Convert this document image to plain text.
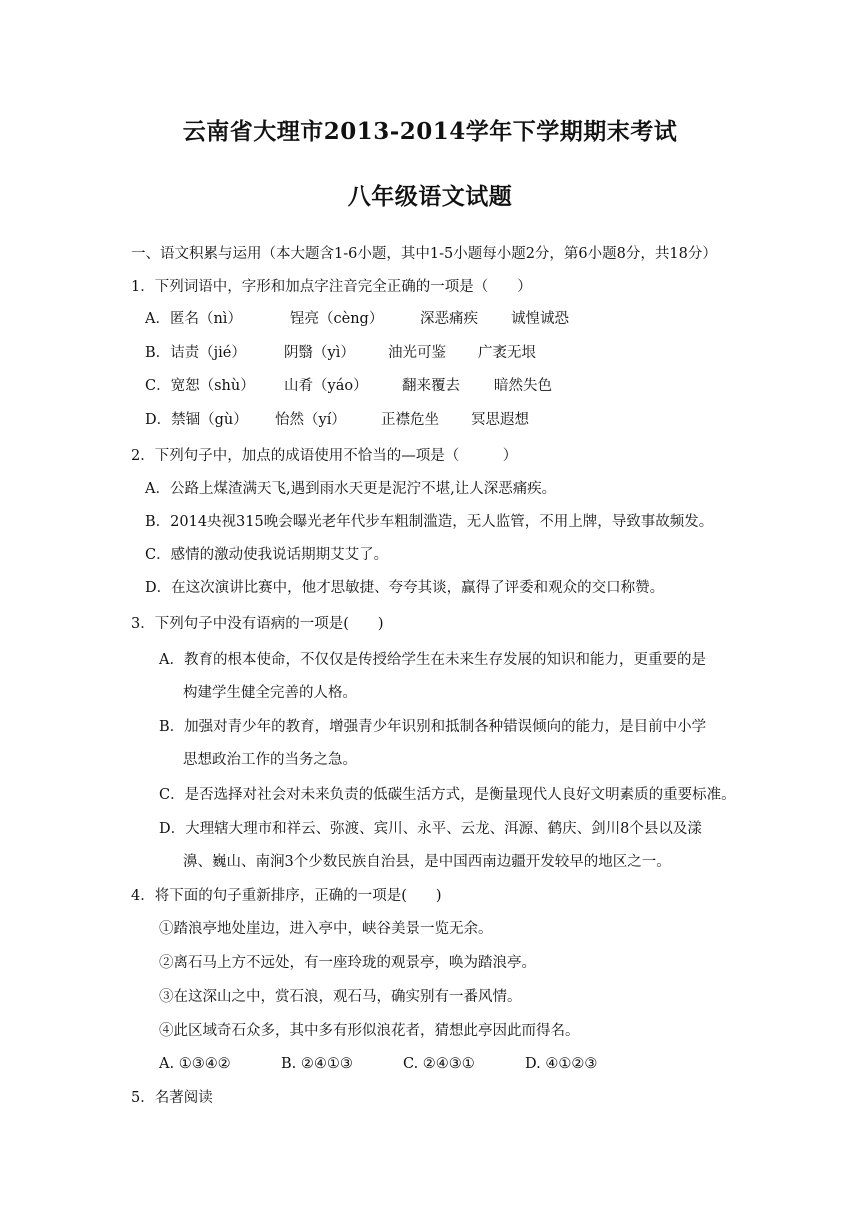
云南省大理市2013-2014学年下学期期末考试
八年级语文试题
一、语文积累与运用（本大题含1-6小题，其中1-5小题每小题2分，第6小题8分，共18分）
1．下列词语中，字形和加点字注音完全正确的一项是（　　）
A．匿名（nì）	锃亮（cèng）	深恶痛疾 诚惶诚恐
B．诘责（jié）	阴翳（yì） 油光可鉴 广袤无垠
C．宽恕（shù） 山肴（yáo） 翻来覆去 暗然失色
D．禁锢（gù） 怡然（yí） 正襟危坐 冥思遐想
2．下列句子中，加点的成语使用不恰当的—项是（　　　）
A．公路上煤渣满天飞,遇到雨水天更是泥泞不堪,让人深恶痛疾。
B．2014央视315晚会曝光老年代步车粗制滥造，无人监管，不用上牌，导致事故频发。
C．感情的激动使我说话期期艾艾了。
D．在这次演讲比赛中，他才思敏捷、夸夸其谈，赢得了评委和观众的交口称赞。
3．下列句子中没有语病的一项是(　　)
A．教育的根本使命，不仅仅是传授给学生在未来生存发展的知识和能力，更重要的是
构建学生健全完善的人格。
B．加强对青少年的教育，增强青少年识别和抵制各种错误倾向的能力，是目前中小学
思想政治工作的当务之急。
C．是否选择对社会对未来负责的低碳生活方式，是衡量现代人良好文明素质的重要标准。
D．大理辖大理市和祥云、弥渡、宾川、永平、云龙、洱源、鹤庆、剑川8个县以及漾
濞、巍山、南涧3个少数民族自治县，是中国西南边疆开发较早的地区之一。
4．将下面的句子重新排序，正确的一项是(　　)
①踏浪亭地处崖边，进入亭中，峡谷美景一览无余。
②离石马上方不远处，有一座玲珑的观景亭，唤为踏浪亭。
③在这深山之中，赏石浪，观石马，确实别有一番风情。
④此区域奇石众多，其中多有形似浪花者，猜想此亭因此而得名。
A. ①③④②	B. ②④①③	C. ②④③①	D. ④①②③
5．名著阅读
